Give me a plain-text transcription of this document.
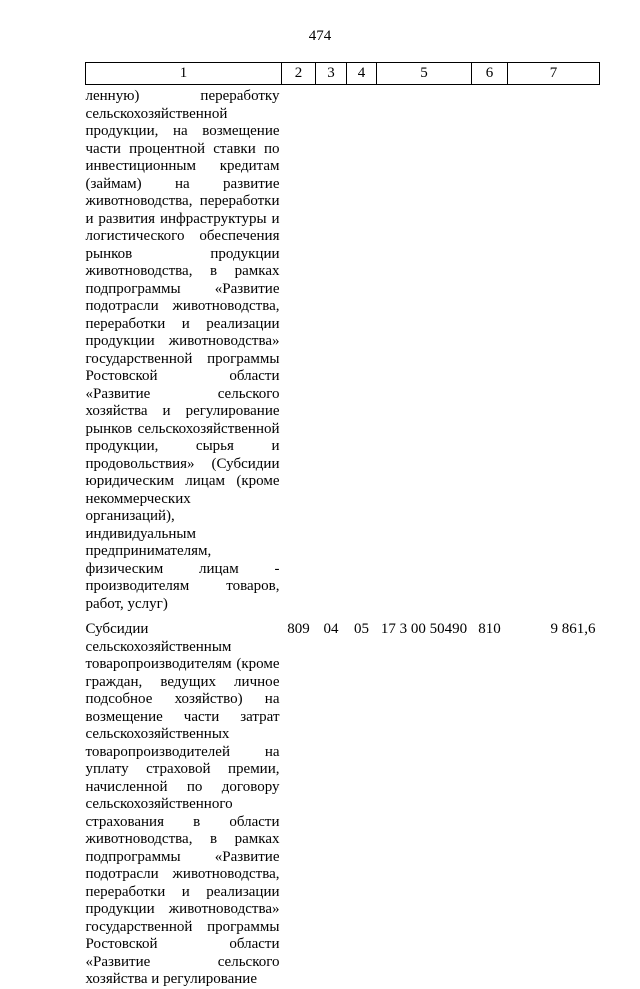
474
1	2	3	4	5	6	7
ленную) переработку сельскохозяйственной продукции, на возмещение части процентной ставки по инвестиционным кредитам (займам) на развитие животноводства, переработки и развития инфраструктуры и логистического обеспечения рынков продукции животноводства, в рамках подпрограммы «Развитие подотрасли животноводства, переработки и реализации продукции животноводства» государственной программы Ростовской области «Развитие сельского хозяйства и регулирование рынков сельскохозяйственной продукции, сырья и продовольствия» (Субсидии юридическим лицам (кроме некоммерческих организаций), индивидуальным предпринимателям, физическим лицам - производителям товаров, работ, услуг)						
Субсидии сельскохозяйственным товаропроизводителям (кроме граждан, ведущих личное подсобное хозяйство) на возмещение части затрат сельскохозяйственных товаропроизводителей на уплату страховой премии, начисленной по договору сельскохозяйственного страхования в области животноводства, в рамках подпрограммы «Развитие подотрасли животноводства, переработки и реализации продукции животноводства» государственной программы Ростовской области «Развитие сельского хозяйства и регулирование	809	04	05	17 3 00 50490	810	9 861,6
